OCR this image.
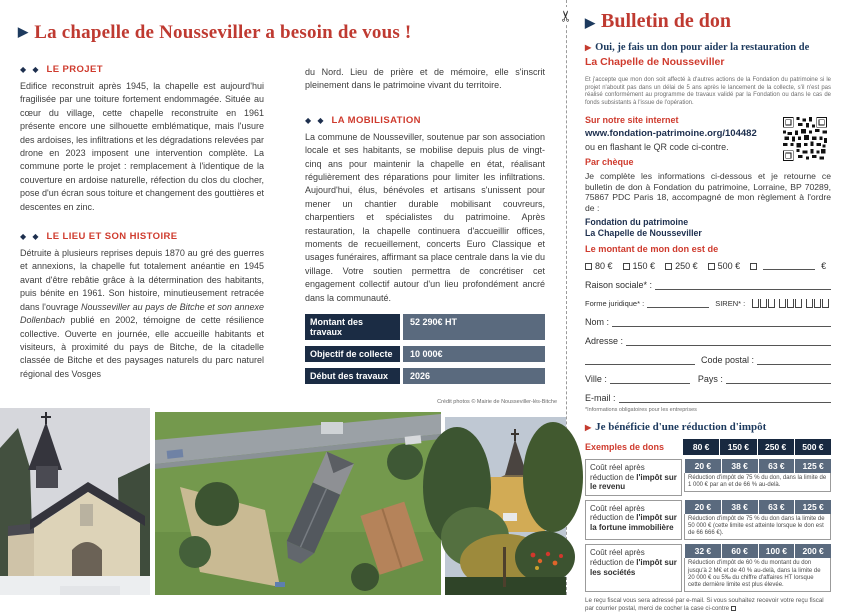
✂
▶ La chapelle de Nousseviller a besoin de vous !
◆ ◆ LE PROJET
Edifice reconstruit après 1945, la chapelle est aujourd'hui fragilisée par une toiture fortement endommagée. Située au cœur du village, cette chapelle reconstruite en 1961 présente encore une silhouette emblématique, mais l'usure des ardoises, les infiltrations et les dégradations relevées par drone en 2023 imposent une intervention complète. La commune porte le projet : remplacement à l'identique de la couverture en ardoise naturelle, réfection du clos du clocher, pose d'un écran sous toiture et changement des gouttières et descentes en zinc.
◆ ◆ LE LIEU ET SON HISTOIRE
Détruite à plusieurs reprises depuis 1870 au gré des guerres et annexions, la chapelle fut totalement anéantie en 1945 avant d'être rebâtie grâce à la détermination des habitants, puis bénite en 1961. Son histoire, minutieusement retracée dans l'ouvrage Nousseviller au pays de Bitche et son annexe Dollenbach publié en 2002, témoigne de cette résilience collective. Ouverte en journée, elle accueille habitants et visiteurs, à proximité du pays de Bitche, de la citadelle classée de Bitche et des paysages naturels du parc naturel régional des Vosges
du Nord. Lieu de prière et de mémoire, elle s'inscrit pleinement dans le patrimoine vivant du territoire.
◆ ◆ LA MOBILISATION
La commune de Nousseviller, soutenue par son association locale et ses habitants, se mobilise depuis plus de vingt-cinq ans pour maintenir la chapelle en état, réalisant régulièrement des réparations pour limiter les infiltrations. Aujourd'hui, élus, bénévoles et artisans s'unissent pour mener un chantier durable mobilisant couvreurs, charpentiers et spécialistes du patrimoine. Après restauration, la chapelle continuera d'accueillir offices, moments de recueillement, concerts Euro Classique et usages funéraires, affirmant sa place centrale dans la vie du village. Votre soutien permettra de concrétiser cet engagement collectif autour d'un lieu profondément ancré dans la communauté.
Montant des travaux
52 290€ HT
Objectif de collecte	10 000€
Début des travaux	2026
Crédit photos © Mairie de Nousseviller-lès-Bitche
▶ Bulletin de don
▶ Oui, je fais un don pour aider la restauration de
La Chapelle de Nousseviller
Et j'accepte que mon don soit affecté à d'autres actions de la Fondation du patrimoine si le projet n'aboutit pas dans un délai de 5 ans après le lancement de la collecte, s'il n'est pas réalisé conformément au programme de travaux validé par la Fondation ou dans le cas de fonds subsistants à l'issue de l'opération.
Sur notre site internet
www.fondation-patrimoine.org/104482
ou en flashant le QR code ci-contre.
Par chèque
Je complète les informations ci-dessous et je retourne ce bulletin de don à Fondation du patrimoine, Lorraine, BP 70289, 75867 PDC Paris 18, accompagné de mon règlement à l'ordre de :
Fondation du patrimoine
La Chapelle de Nousseviller
Le montant de mon don est de
80 € 150 € 250 € 500 €	€
Raison sociale* :
Forme juridique* :	SIREN* :
Nom :
Adresse :
Code postal :
Ville :	Pays :
E-mail :
*Informations obligatoires pour les entreprises
▶ Je bénéficie d'une réduction d'impôt
Exemples de dons	80 €	150 €	250 €	500 €
Coût réel après réduction de l'impôt sur le revenu
20 €	38 €	63 €	125 €
Réduction d'impôt de 75 % du don, dans la limite de 1 000 € par an et de 66 % au-delà.
Coût réel après réduction de l'impôt sur la fortune immobilière
20 €	38 €	63 €	125 €
Réduction d'impôt de 75 % du don dans la limite de 50 000 € (cette limite est atteinte lorsque le don est de 66 666 €).
Coût réel après réduction de l'impôt sur les sociétés
32 €	60 €	100 €	200 €
Réduction d'impôt de 60 % du montant du don jusqu'à 2 M€ et de 40 % au-delà, dans la limite de 20 000 € ou 5‰ du chiffre d'affaires HT lorsque cette dernière limite est plus élevée.
Le reçu fiscal vous sera adressé par e-mail. Si vous souhaitez recevoir votre reçu fiscal par courrier postal, merci de cocher la case ci-contre
